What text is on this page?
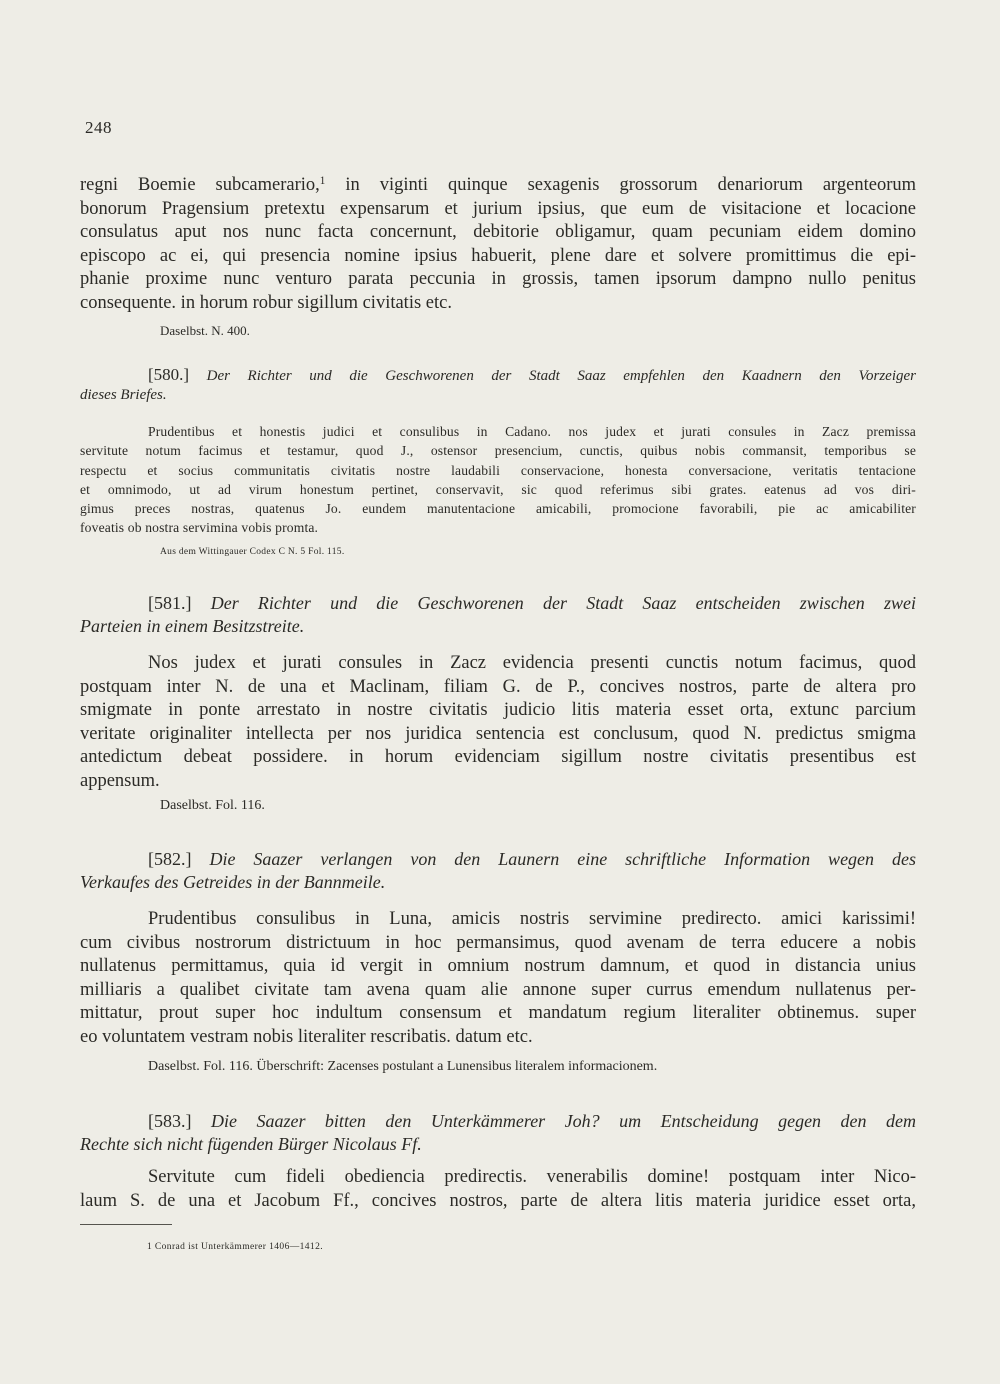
248
regni Boemie subcamerario,$^1$ in viginti quinque sexagenis grossorum denariorum argenteorum
bonorum Pragensium pretextu expensarum et jurium ipsius, que eum de visitacione et locacione
consulatus aput nos nunc facta concernunt, debitorie obligamur, quam pecuniam eidem domino
episcopo ac ei, qui presencia nomine ipsius habuerit, plene dare et solvere promittimus die epi-
phanie proxime nunc venturo parata peccunia in grossis, tamen ipsorum dampno nullo penitus
consequente. in horum robur sigillum civitatis etc.
Daselbst. N. 400.
[580.] Der Richter und die Geschworenen der Stadt Saaz empfehlen den Kaadnern den Vorzeiger
dieses Briefes.
Prudentibus et honestis judici et consulibus in Cadano. nos judex et jurati consules in Zacz premissa
servitute notum facimus et testamur, quod J., ostensor presencium, cunctis, quibus nobis commansit, temporibus se
respectu et socius communitatis civitatis nostre laudabili conservacione, honesta conversacione, veritatis tentacione
et omnimodo, ut ad virum honestum pertinet, conservavit, sic quod referimus sibi grates. eatenus ad vos diri-
gimus preces nostras, quatenus Jo. eundem manutentacione amicabili, promocione favorabili, pie ac amicabiliter
foveatis ob nostra servimina vobis promta.
Aus dem Wittingauer Codex C N. 5 Fol. 115.
[581.] Der Richter und die Geschworenen der Stadt Saaz entscheiden zwischen zwei
Parteien in einem Besitzstreite.
Nos judex et jurati consules in Zacz evidencia presenti cunctis notum facimus, quod
postquam inter N. de una et Maclinam, filiam G. de P., concives nostros, parte de altera pro
smigmate in ponte arrestato in nostre civitatis judicio litis materia esset orta, extunc parcium
veritate originaliter intellecta per nos juridica sentencia est conclusum, quod N. predictus smigma
antedictum debeat possidere. in horum evidenciam sigillum nostre civitatis presentibus est
appensum.
Daselbst. Fol. 116.
[582.] Die Saazer verlangen von den Launern eine schriftliche Information wegen des
Verkaufes des Getreides in der Bannmeile.
Prudentibus consulibus in Luna, amicis nostris servimine predirecto. amici karissimi!
cum civibus nostrorum districtuum in hoc permansimus, quod avenam de terra educere a nobis
nullatenus permittamus, quia id vergit in omnium nostrum damnum, et quod in distancia unius
milliaris a qualibet civitate tam avena quam alie annone super currus emendum nullatenus per-
mittatur, prout super hoc indultum consensum et mandatum regium literaliter obtinemus. super
eo voluntatem vestram nobis literaliter rescribatis. datum etc.
Daselbst. Fol. 116. Überschrift: Zacenses postulant a Lunensibus literalem informacionem.
[583.] Die Saazer bitten den Unterkämmerer Joh? um Entscheidung gegen den dem
Rechte sich nicht fügenden Bürger Nicolaus Ff.
Servitute cum fideli obediencia predirectis. venerabilis domine! postquam inter Nico-
laum S. de una et Jacobum Ff., concives nostros, parte de altera litis materia juridice esset orta,
1 Conrad ist Unterkämmerer 1406—1412.
